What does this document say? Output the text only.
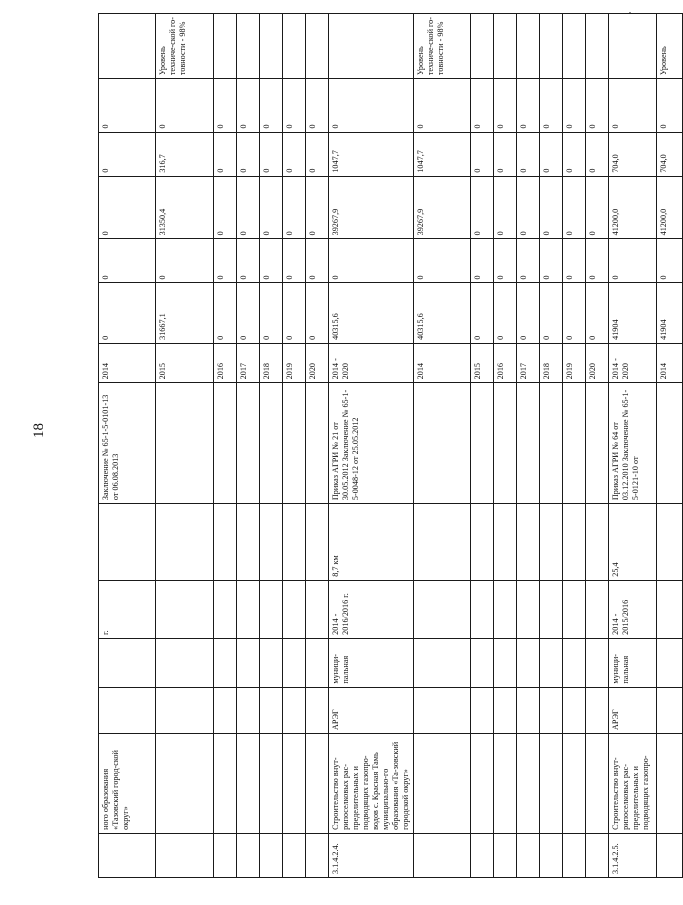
18
	ного образования «Тазовский город-ской округ»			г.		Заключение № 65-1-5-0101-13 от 06.08.2013	2014	0	0	0	0	0	
							2015	31667,1	0	31350,4	316,7	0	Уровень техниче-ской го-товности - 98%
							2016	0	0	0	0	0	
							2017	0	0	0	0	0	
							2018	0	0	0	0	0	
							2019	0	0	0	0	0	
							2020	0	0	0	0	0	
3.1.4.2.4.	Строительство внут-рипоселковых рас-пределительных и подводящих газопро-водов с. Красная Тамь муниципально-го образования «Та-зовский городской округ»	АРЭГ	муници-пальная	2014 - 2016/2016 г.	8,7 км	Приказ АГРИ № 21 от 30.05.2012 Заключение № 65-1-5-0048-12 от 25.05.2012	2014 - 2020	40315,6	0	39267,9	1047,7	0	
							2014	40315,6	0	39267,9	1047,7	0	Уровень техниче-ской го-товности - 98%
							2015	0	0	0	0	0	
							2016	0	0	0	0	0	
							2017	0	0	0	0	0	
							2018	0	0	0	0	0	
							2019	0	0	0	0	0	
							2020	0	0	0	0	0	
3.1.4.2.5.	Строительство внут-рипоселковых рас-пределительных и подводящих газопро-	АРЭГ	муници-пальная	2014 - 2015/2016	25,4	Приказ АГРИ № 64 от 03.12.2010 Заключение № 65-1-5-0121-10 от	2014 - 2020	41904	0	41200,0	704,0	0	
							2014	41904	0	41200,0	704,0	0	Уровень
